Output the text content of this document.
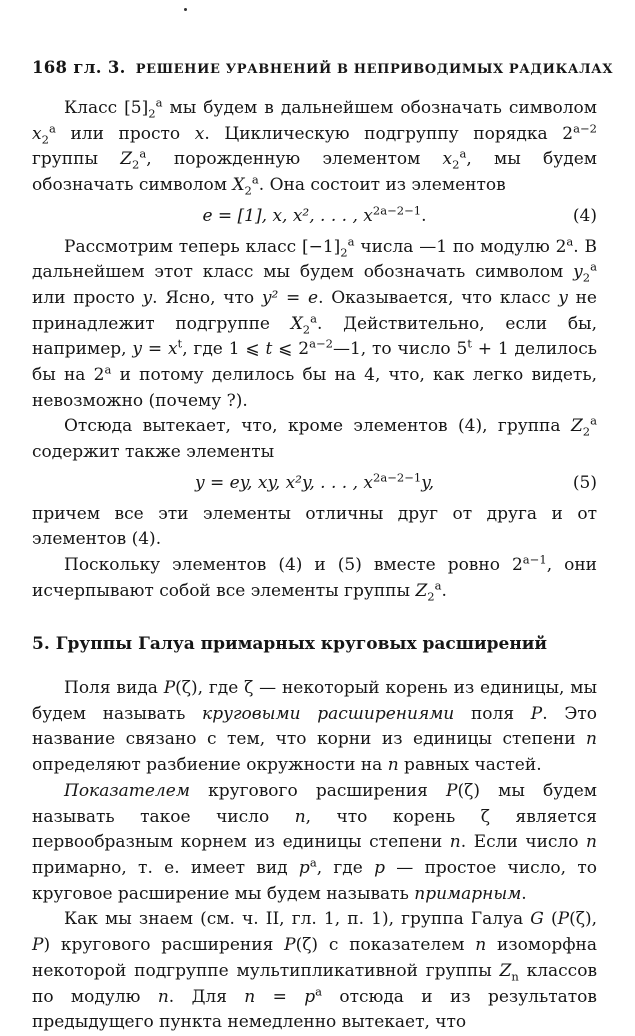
168 гл. 3. РЕШЕНИЕ УРАВНЕНИЙ В НЕПРИВОДИМЫХ РАДИКАЛАХ

Класс $[5]_2^a$ мы будем в дальнейшем обозначать символом $x_2^a$ или просто x. Циклическую подгруппу порядка $2^{a-2}$ группы $Z_2^a$, порожденную элементом $x_2^a$, мы будем обозначать символом $X_2^a$. Она состоит из элементов

e = [1], x, x², . . . , $x^{2a-2-1}$.	(4)

Рассмотрим теперь класс $[-1]_2^a$ числа —1 по модулю 2$^a$. В дальнейшем этот класс мы будем обозначать символом $y_2^a$ или просто y. Ясно, что y² = e. Оказывается, что класс y не принадлежит подгруппе $X_2^a$. Действительно, если бы, например, $y = x^t$, где 1 ⩽ t ⩽ $2^{a-2}—1$, то число $5^t + 1$ делилось бы на 2$^a$ и потому делилось бы на 4, что, как легко видеть, невозможно (почему ?).

Отсюда вытекает, что, кроме элементов (4), группа $Z_2^a$ содержит также элементы

y = ey, xy, x²y, . . . , $x^{2a-2-1}y$,	(5)

причем все эти элементы отличны друг от друга и от элементов (4).

Поскольку элементов (4) и (5) вместе ровно $2^{a-1}$, они исчерпывают собой все элементы группы $Z_2^a$.

5. Группы Галуа примарных круговых расширений

Поля вида P(ζ), где ζ — некоторый корень из единицы, мы будем называть круговыми расширениями поля P. Это название связано с тем, что корни из единицы степени n определяют разбиение окружности на n равных частей.

Показателем кругового расширения P(ζ) мы будем называть такое число n, что корень ζ является первообразным корнем из единицы степени n. Если число n примарно, т. е. имеет вид $p^a$, где p — простое число, то круговое расширение мы будем называть примарным.

Как мы знаем (см. ч. II, гл. 1, п. 1), группа Галуа G (P(ζ), P) кругового расширения P(ζ) с показателем n изоморфна некоторой подгруппе мультипликативной группы $Z_n$ классов по модулю n. Для $n = p^a$ отсюда и из результатов предыдущего пункта немедленно вытекает, что
